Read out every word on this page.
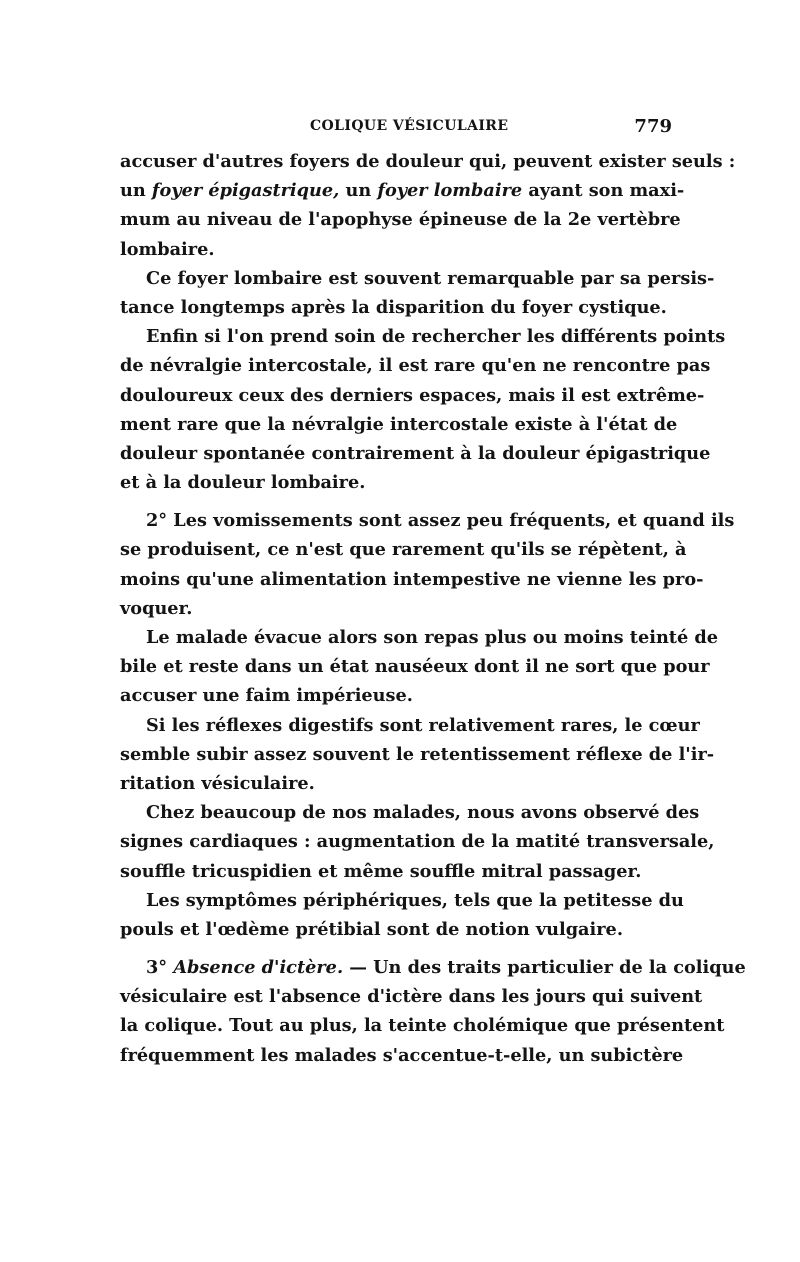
COLIQUE VÉSICULAIRE	779
accuser d'autres foyers de douleur qui, peuvent exister seuls :
un foyer épigastrique, un foyer lombaire ayant son maxi-
mum au niveau de l'apophyse épineuse de la 2e vertèbre
lombaire.
Ce foyer lombaire est souvent remarquable par sa persis-
tance longtemps après la disparition du foyer cystique.
Enfin si l'on prend soin de rechercher les différents points
de névralgie intercostale, il est rare qu'en ne rencontre pas
douloureux ceux des derniers espaces, mais il est extrême-
ment rare que la névralgie intercostale existe à l'état de
douleur spontanée contrairement à la douleur épigastrique
et à la douleur lombaire.
2° Les vomissements sont assez peu fréquents, et quand ils
se produisent, ce n'est que rarement qu'ils se répètent, à
moins qu'une alimentation intempestive ne vienne les pro-
voquer.
Le malade évacue alors son repas plus ou moins teinté de
bile et reste dans un état nauséeux dont il ne sort que pour
accuser une faim impérieuse.
Si les réflexes digestifs sont relativement rares, le cœur
semble subir assez souvent le retentissement réflexe de l'ir-
ritation vésiculaire.
Chez beaucoup de nos malades, nous avons observé des
signes cardiaques : augmentation de la matité transversale,
souffle tricuspidien et même souffle mitral passager.
Les symptômes périphériques, tels que la petitesse du
pouls et l'œdème prétibial sont de notion vulgaire.
3° Absence d'ictère. — Un des traits particulier de la colique
vésiculaire est l'absence d'ictère dans les jours qui suivent
la colique. Tout au plus, la teinte cholémique que présentent
fréquemment les malades s'accentue-t-elle, un subictère
